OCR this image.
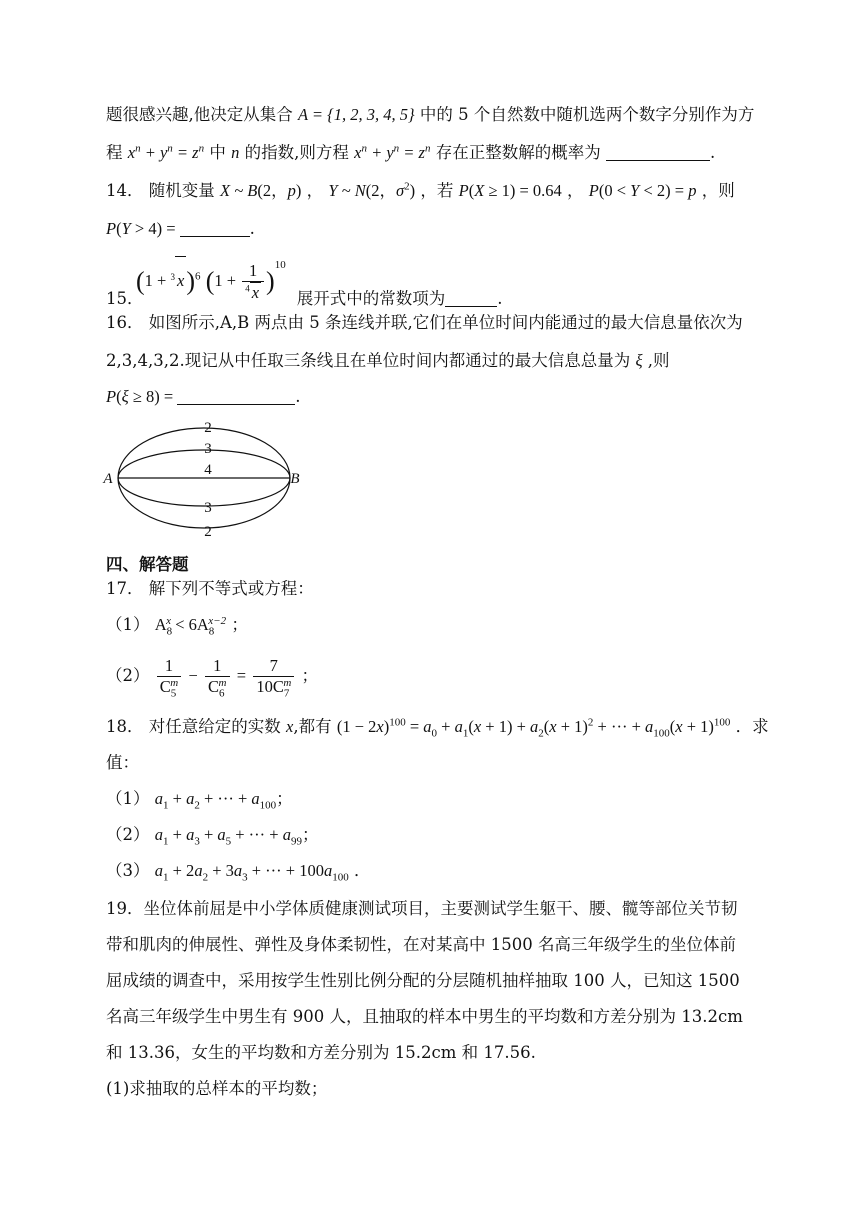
题很感兴趣,他决定从集合 A = {1, 2, 3, 4, 5} 中的 5 个自然数中随机选两个数字分别作为方
程 $x^n + y^n = z^n$ 中 n 的指数,则方程 $x^n + y^n = z^n$ 存在正整数解的概率为	.
14． 随机变量 X ~ B(2，p) ， Y ~ N(2，$\sigma^2$) ，若 P(X ≥ 1) = 0.64 ， P(0 < Y < 2) = p ，则
P(Y > 4) =	.
(1 + $^3$ x)$^6$ $(1 + \frac{1}{^4 x} )^{10}$
15．	展开式中的常数项为	.
16． 如图所示,A,B 两点由 5 条连线并联,它们在单位时间内能通过的最大信息量依次为
2,3,4,3,2.现记从中任取三条线且在单位时间内都通过的最大信息总量为 ξ ,则
P(ξ ≥ 8) =	.
A	B
2
3
4
3
2
四、解答题
17． 解下列不等式或方程：
（1） $A_8^x < 6A_8^{x-2}$ ；
$(2) \frac{1}{C_5^m} - \frac{1}{C_6^m} = \frac{7}{10C_7^m}$ ；
18． 对任意给定的实数 x,都有 $(1 - 2x)^{100} = a_0 + a_1(x + 1) + a_2(x + 1)^2$ + ··· + $a_{100}(x + 1)^{100}$ ．求
值：
（1） $a_1 + a_2$ + ··· + $a_{100}$；
（2） $a_1 + a_3 + a_5$ + ··· + $a_{99}$；
（3） $a_1 + 2a_2 + 3a_3$ + ··· + $100a_{100}$ ．
19．坐位体前屈是中小学体质健康测试项目，主要测试学生躯干、腰、髋等部位关节韧
带和肌肉的伸展性、弹性及身体柔韧性，在对某高中 1500 名高三年级学生的坐位体前
屈成绩的调查中，采用按学生性别比例分配的分层随机抽样抽取 100 人，已知这 1500
名高三年级学生中男生有 900 人，且抽取的样本中男生的平均数和方差分别为 13.2cm
和 13.36，女生的平均数和方差分别为 15.2cm 和 17.56.
(1)求抽取的总样本的平均数；
